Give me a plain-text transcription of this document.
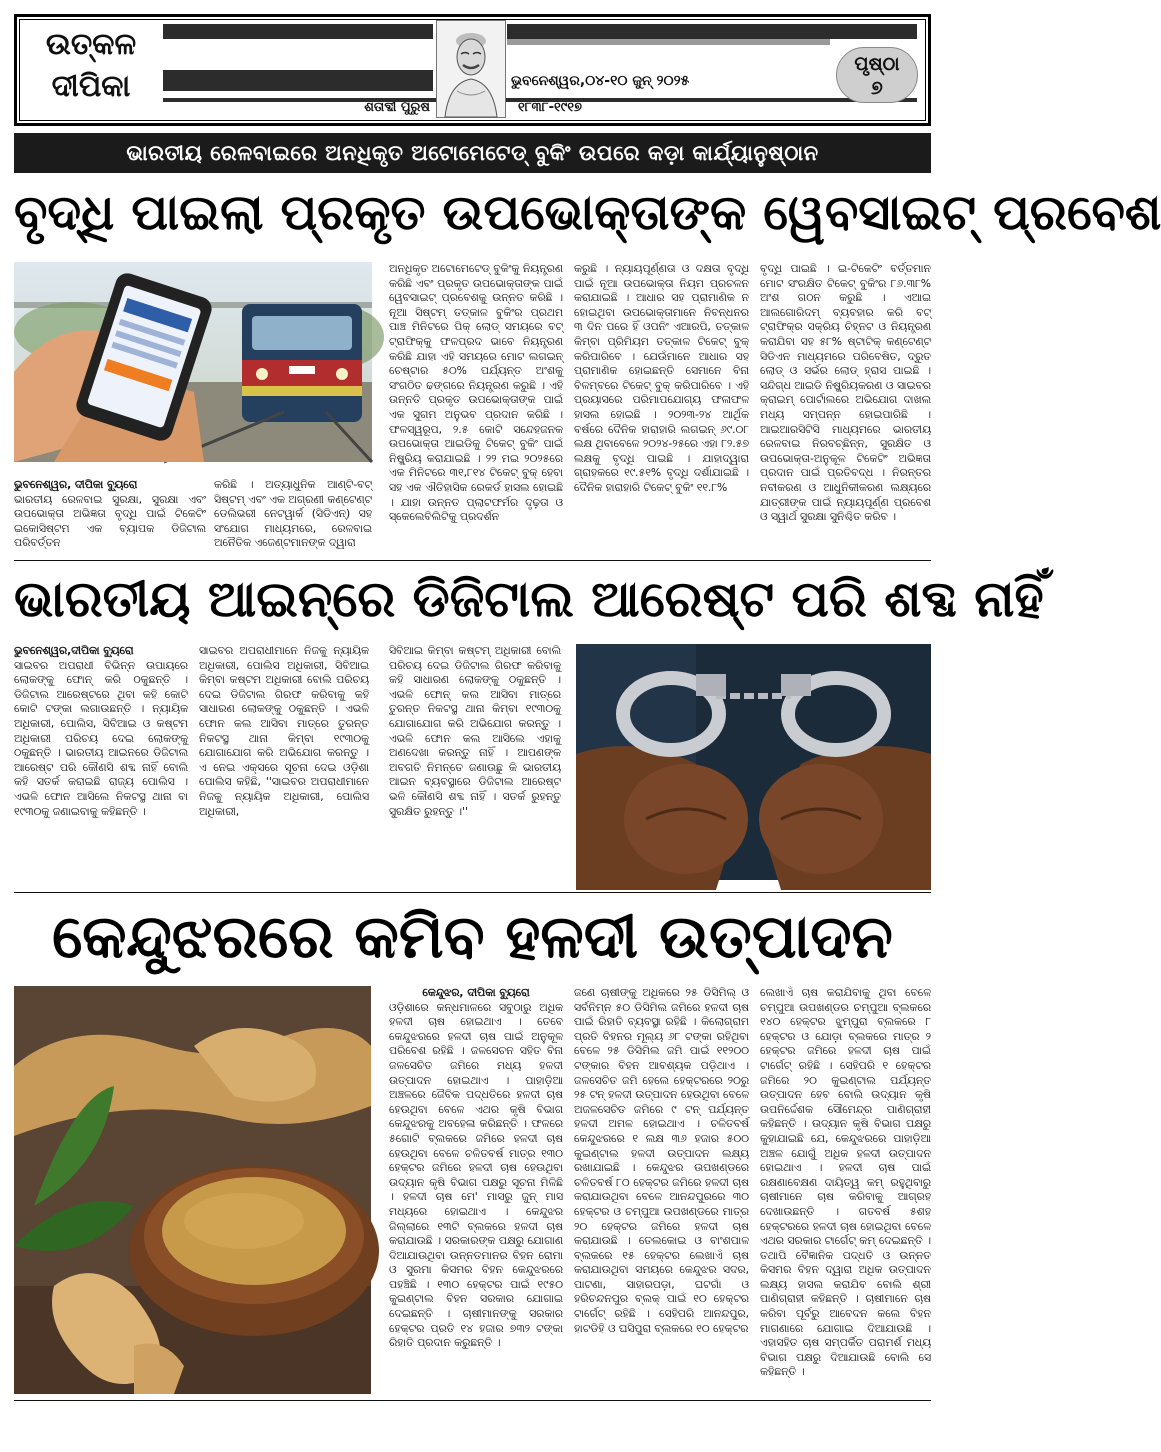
ଉତ୍କଳ
ଦୀପିକା	ଭୁବନେଶ୍ୱର,୦୪-୧୦ ଜୁନ୍ ୨୦୨୫
ଶତାବ୍ଦୀ ପୁରୁଷ	୧୮୩୮-୧୯୧୭
ପୃଷ୍ଠା
୭
ଭାରତୀୟ ରେଳବାଇରେ ଅନଧିକୃତ ଅଟୋମେଟେଡ୍ ବୁକିଂ ଉପରେ କଡ଼ା କାର୍ଯ୍ୟାନୁଷ୍ଠାନ
ବୃଦ୍ଧି ପାଇଲା ପ୍ରକୃତ ଉପଭୋକ୍ତାଙ୍କ ୱେବସାଇଟ୍ ପ୍ରବେଶ

ଭୁବନେଶ୍ୱର, ଦୀପିକା ବ୍ୟୁରୋ

ଭାରତୀୟ ରେଳବାଇ ସୁରକ୍ଷା, ସୁରକ୍ଷା ଏବଂ ଉପଭୋକ୍ତା ଅଭିଜ୍ଞତା ବୃଦ୍ଧି ପାଇଁ ଟିକେଟିଂ ଇକୋସିଷ୍ଟମ ଏକ ବ୍ୟାପକ ଡିଜିଟାଲ ପରିବର୍ତ୍ତନ

କରିଛି । ଅତ୍ୟାଧୁନିକ ଆଣ୍ଟି-ବଟ୍ ସିଷ୍ଟମ୍ ଏବଂ ଏକ ଅଗ୍ରଣୀ କଣ୍ଟେଣ୍ଟ ଡେଲିଭରୀ ନେଟୱାର୍କ (ସିଡିଏନ୍) ସହ ସଂଯୋଗ ମାଧ୍ୟମରେ, ରେଳବାଇ ଅନୈତିକ ଏଜେଣ୍ଟମାନଙ୍କ ଦ୍ୱାରା
ଅନଧିକୃତ ଅଟୋମେଟେଡ୍ ବୁକିଂକୁ ନିୟନ୍ତ୍ରଣ କରିଛି ଏବଂ ପ୍ରକୃତ ଉପଭୋକ୍ତାଙ୍କ ପାଇଁ ୱେବସାଇଟ୍ ପ୍ରବେଶକୁ ଉନ୍ନତ କରିଛି । ନୂଆ ସିଷ୍ଟମ୍ ତତ୍କାଳ ବୁକିଂର ପ୍ରଥମ ପାଞ୍ଚ ମିନିଟରେ ପିକ୍ ଲୋଡ୍ ସମୟରେ ବଟ୍ ଟ୍ରାଫିକ୍କୁ ଫଳପ୍ରଦ ଭାବେ ନିୟନ୍ତ୍ରଣ କରିଛି ଯାହା ଏହି ସମୟରେ ମୋଟ ଲଗଇନ୍ ଚେଷ୍ଟାର ୫୦% ପର୍ଯ୍ୟନ୍ତ ଅଂଶକୁ ସଂଗଠିତ ଢଙ୍ଗରେ ନିୟନ୍ତ୍ରଣ କରୁଛି । ଏହି ଉନ୍ନତି ପ୍ରକୃତ ଉପଭୋକ୍ତାଙ୍କ ପାଇଁ ଏକ ସୁଗମ ଅନୁଭବ ପ୍ରଦାନ କରିଛି । ଫଳସ୍ୱରୂପ, ୨.୫ କୋଟି ସନ୍ଦେହଜନକ ଉପଭୋକ୍ତା ଆଇଡିକୁ ଟିକେଟ୍ ବୁକିଂ ପାଇଁ ନିଷ୍କ୍ରିୟ କରାଯାଇଛି । ୨୨ ମଇ ୨୦୨୫ରେ ଏକ ମିନିଟରେ ୩୧,୮୧୪ ଟିକେଟ୍ ବୁକ୍ ହେବା ସହ ଏକ ଐତିହାସିକ ରେକର୍ଡ ହାସଲ ହୋଇଛି । ଯାହା ଉନ୍ନତ ପ୍ଲାଟଫର୍ମର ଦୃଢ଼ତା ଓ ସ୍କେଲେବିଲିଟିକୁ ପ୍ରଦର୍ଶନ
କରୁଛି । ନ୍ୟାୟପୂର୍ଣ୍ଣତା ଓ ଦକ୍ଷତା ବୃଦ୍ଧି ପାଇଁ ନୂଆ ଉପଭୋକ୍ତା ନିୟମ ପ୍ରଚଳନ କରାଯାଇଛି । ଆଧାର ସହ ପ୍ରାମାଣିକ ନ ହୋଇଥିବା ଉପଭୋକ୍ତାମାନେ ନିବନ୍ଧନର ୩ ଦିନ ପରେ ହିଁ ଓପନିଂ ଏଆରପି, ତତ୍କାଳ କିମ୍ବା ପ୍ରିମିୟମ ତତ୍କାଳ ଟିକେଟ୍ ବୁକ୍ କରିପାରିବେ । ଯେଉଁମାନେ ଆଧାର ସହ ପ୍ରାମାଣିକ ହୋଇଛନ୍ତି ସେମାନେ ବିନା ବିଳମ୍ବରେ ଟିକେଟ୍ ବୁକ୍ କରିପାରିବେ । ଏହି ପ୍ରୟାସରେ ପରିମାପଯୋଗ୍ୟ ଫଳାଫଳ ହାସଲ ହୋଇଛି । ୨୦୨୩-୨୪ ଆର୍ଥିକ ବର୍ଷରେ ଦୈନିକ ହାରାହାରି ଲଗଇନ୍ ୬୯.୦୮ ଲକ୍ଷ ଥିବାବେଳେ ୨୦୨୪-୨୫ରେ ଏହା ୮୨.୫୭ ଲକ୍ଷକୁ ବୃଦ୍ଧି ପାଇଛି । ଯାହାଦ୍ୱାରା ଗ୍ରାହକରେ ୧୯.୫୧% ବୃଦ୍ଧି ଦର୍ଶାଯାଇଛି । ଦୈନିକ ହାରାହାରି ଟିକେଟ୍ ବୁକିଂ ୧୧.୮%
ବୃଦ୍ଧି ପାଇଛି । ଇ-ଟିକେଟିଂ ବର୍ତ୍ତମାନ ମୋଟ ସଂରକ୍ଷିତ ଟିକେଟ୍ ବୁକିଂର ୮୬.୩୮% ଅଂଶ ଗଠନ କରୁଛି । ଏଆଇ ଆଲଗୋରିଦମ୍ ବ୍ୟବହାର କରି ବଟ୍ ଟ୍ରାଫିକ୍ର ସକ୍ରିୟ ଚିହ୍ନଟ ଓ ନିୟନ୍ତ୍ରଣ କରାଯିବା ସହ ୫୮% ଷ୍ଟାଟିକ୍ କଣ୍ଟେଣ୍ଟ ସିଡିଏନ ମାଧ୍ୟମରେ ପରିବେଷିତ, ଦ୍ରୁତ ଲୋଡ୍ ଓ ସର୍ଭର ଲୋଡ୍ ହ୍ରାସ ପାଇଛି । ସନ୍ଦିଗ୍ଧ ଆଇଡି ନିଷ୍କ୍ରିୟକରଣ ଓ ସାଇବର କ୍ରାଇମ୍ ପୋର୍ଟାଲରେ ଅଭିଯୋଗ ଦାଖଲ ମଧ୍ୟ ସମ୍ପନ୍ନ ହୋଇପାରିଛି । ଆଇଆରସିଟିସି ମାଧ୍ୟମରେ ଭାରତୀୟ ରେଳବାଇ ନିରବଚ୍ଛିନ୍ନ, ସୁରକ୍ଷିତ ଓ ଉପଭୋକ୍ତା-ଅନୁକୂଳ ଟିକେଟିଂ ଅଭିଜ୍ଞତା ପ୍ରଦାନ ପାଇଁ ପ୍ରତିବଦ୍ଧ । ନିରନ୍ତର ନବୀକରଣ ଓ ଆଧୁନିକୀକରଣ ଲକ୍ଷ୍ୟରେ ଯାତ୍ରୀଙ୍କ ପାଇଁ ନ୍ୟାୟପୂର୍ଣ୍ଣ ପ୍ରବେଶ ଓ ସ୍ୱାର୍ଥ ସୁରକ୍ଷା ସୁନିଶ୍ଚିତ କରିବ ।
ଭାରତୀୟ ଆଇନ୍ରେ ଡିଜିଟାଲ ଆରେଷ୍ଟ ପରି ଶବ୍ଦ ନାହିଁ

ଭୁବନେଶ୍ୱର,ଦୀପିକା ବ୍ୟୁରୋ

ସାଇବର ଅପରାଧୀ ବିଭିନ୍ନ ଉପାୟରେ ଲୋକଙ୍କୁ ଫୋନ୍ କରି ଠକୁଛନ୍ତି । ଡିଜିଟାଲ ଆରେଷ୍ଟରେ ଥିବା କହି କୋଟି କୋଟି ଟଙ୍କା ଲଗାଉଛନ୍ତି । ନ୍ୟାୟିକ ଅଧିକାରୀ, ପୋଲିସ, ସିବିଆଇ ଓ କଷ୍ଟମ ଅଧିକାରୀ ପରିଚୟ ଦେଇ ଲୋକଙ୍କୁ ଠକୁଛନ୍ତି । ଭାରତୀୟ ଆଇନରେ ଡିଜିଟାଲ ଆରେଷ୍ଟ ପରି କୌଣସି ଶବ୍ଦ ନାହିଁ ବୋଲି କହି ସତର୍କ କରାଇଛି ରାଜ୍ୟ ପୋଲିସ । ଏଭଳି ଫୋନ ଆସିଲେ ନିକଟସ୍ଥ ଥାନା ବା ୧୯୩୦କୁ ଜଣାଇବାକୁ କହିଛନ୍ତି ।

ସାଇବର ଅପରାଧୀମାନେ ନିଜକୁ ନ୍ୟାୟିକ ଅଧିକାରୀ, ପୋଲିସ ଅଧିକାରୀ, ସିବିଆଇ କିମ୍ବା କଷ୍ଟମ ଅଧିକାରୀ ବୋଲି ପରିଚୟ ଦେଇ ଡିଜିଟାଲ ଗିରଫ କରିବାକୁ କହି ସାଧାରଣ ଲୋକଙ୍କୁ ଠକୁଛନ୍ତି । ଏଭଳି ଫୋନ କଲ ଆସିବା ମାତ୍ରେ ତୁରନ୍ତ ନିକଟସ୍ଥ ଥାନା କିମ୍ବା ୧୯୩୦କୁ ଯୋଗାଯୋଗ କରି ଅଭିଯୋଗ କରନ୍ତୁ । ଏ ନେଇ ଏକ୍ସରେ ସୂଚନା ଦେଇ ଓଡ଼ିଶା ପୋଲିସ କହିଛି, ''ସାଇବର ଅପରାଧୀମାନେ ନିଜକୁ ନ୍ୟାୟିକ ଅଧିକାରୀ, ପୋଲିସ ଅଧିକାରୀ,
ସିବିଆଇ କିମ୍ବା କଷ୍ଟମ୍ ଅଧିକାରୀ ବୋଲି ପରିଚୟ ଦେଇ ଡିଜିଟାଲ ଗିରଫ କରିବାକୁ କହି ସାଧାରଣ ଲୋକଙ୍କୁ ଠକୁଛନ୍ତି । ଏଭଳି ଫୋନ୍ କଲ ଆସିବା ମାତ୍ରେ ତୁରନ୍ତ ନିକଟସ୍ଥ ଥାନା କିମ୍ବା ୧୯୩୦କୁ ଯୋଗାଯୋଗ କରି ଅଭିଯୋଗ କରନ୍ତୁ । ଏଭଳି ଫୋନ କଲ ଆସିଲେ ଏହାକୁ ଅଣଦେଖା କରନ୍ତୁ ନାହିଁ । ଆପଣଙ୍କ ଅବଗତି ନିମନ୍ତେ ଜଣାଉଛୁ କି ଭାରତୀୟ ଆଇନ ବ୍ୟବସ୍ଥାରେ ଡିଜିଟାଲ ଆରେଷ୍ଟ ଭଳି କୌଣସି ଶବ୍ଦ ନାହିଁ । ସତର୍କ ରୁହନ୍ତୁ ସୁରକ୍ଷିତ ରୁହନ୍ତୁ ।''
କେନ୍ଦୁଝରରେ କମିବ ହଳଦୀ ଉତ୍ପାଦନ

କେନ୍ଦୁଝର, ଦୀପିକା ବ୍ୟୁରୋ

ଓଡ଼ିଶାରେ କନ୍ଧମାଳରେ ସବୁଠାରୁ ଅଧିକ ହଳଦୀ ଚାଷ ହୋଇଥାଏ । ତେବେ କେନ୍ଦୁଝରରେ ହଳଦୀ ଚାଷ ପାଇଁ ଅନୁକୂଳ ପରିବେଶ ରହିଛି । ଜଳସେଚନ ସହିତ ବିନା ଜଳସେଚିତ ଜମିରେ ମଧ୍ୟ ହଳଦୀ ଉତ୍ପାଦନ ହୋଇଥାଏ । ପାହାଡ଼ିଆ ଅଞ୍ଚଳରେ ଜୈବିକ ପଦ୍ଧତିରେ ହଳଦୀ ଚାଷ ହେଉଥିବା ବେଳେ ଏଥର କୃଷି ବିଭାଗ କେନ୍ଦୁଝରକୁ ଅବହେଳା କରିଛନ୍ତି । ଫଳରେ ୫ଗୋଟି ବ୍ଲକରେ ଜମିରେ ହଳଦୀ ଚାଷ ହେଉଥିବା ବେଳେ ଚଳିତବର୍ଷ ମାତ୍ର ୧୩୦ ହେକ୍ଟର ଜମିରେ ହଳଦୀ ଚାଷ ହେଉଥିବା ଉଦ୍ୟାନ କୃଷି ବିଭାଗ ପକ୍ଷରୁ ସୂଚନା ମିଳିଛି । ହଳଦୀ ଚାଷ ମେ' ମାସରୁ ଜୁନ୍ ମାସ ମଧ୍ୟରେ ହୋଇଥାଏ । କେନ୍ଦୁଝର ଜିଲ୍ଲାରେ ୧୩ଟି ବ୍ଲକରେ ହଳଦୀ ଚାଷ କରାଯାଉଛି । ସରକାରଙ୍କ ପକ୍ଷରୁ ଯୋଗାଣ ଦିଆଯାଉଥିବା ଉନ୍ନତମାନର ବିହନ ରୋମା ଓ ସୁରମା କିସମର ବିହନ କେନ୍ଦୁଝରରେ ପହଞ୍ଚିଛି । ୧୩୦ ହେକ୍ଟର ପାଇଁ ୧୯୫୦ କୁଇଣ୍ଟାଲ ବିହନ ସରକାର ଯୋଗାଇ ଦେଇଛନ୍ତି । ଚାଷୀମାନଙ୍କୁ ସରକାର ହେକ୍ଟର ପ୍ରତି ୧୪ ହଜାର ୭୩୨ ଟଙ୍କା ରିହାତି ପ୍ରଦାନ କରୁଛନ୍ତି ।

ଜଣେ ଚାଷୀଙ୍କୁ ଅଧିକରେ ୨୫ ଡିସିମିଲ୍ ଓ ସର୍ବନିମ୍ନ ୫୦ ଡିସିମିଲ ଜମିରେ ହଳଦୀ ଚାଷ ପାଇଁ ରିହାତି ବ୍ୟବସ୍ଥା ରହିଛି । କିଲୋଗ୍ରାମ ପ୍ରତି ବିହନର ମୂଲ୍ୟ ୬୮ ଟଙ୍କା ରହିଥିବା ବେଳେ ୨୫ ଡିସିମିଲ ଜମି ପାଇଁ ୧୧୨୦୦ ଟଙ୍କାର ବିହନ ଆବଶ୍ୟକ ପଡ଼ିଥାଏ । ଜଳସେଚିତ ଜମି ହେଲେ ହେକ୍ଟରରେ ୨୦ରୁ ୨୫ ଟନ୍ ହଳଦୀ ଉତ୍ପାଦନ ହେଉଥିବା ବେଳେ ଅଜଳସେଚିତ ଜମିରେ ୯ ଟନ୍ ପର୍ଯ୍ୟନ୍ତ ହଳଦୀ ଅମଳ ହୋଇଥାଏ । ଚଳିତବର୍ଷ କେନ୍ଦୁଝରରେ ୧ ଲକ୍ଷ ୩୬ ହଜାର ୫୦୦ କୁଇଣ୍ଟାଲ ହଳଦୀ ଉତ୍ପାଦନ ଲକ୍ଷ୍ୟ ରଖାଯାଇଛି । କେନ୍ଦୁଝର ଉପଖଣ୍ଡରେ ଚଳିତବର୍ଷ ୮୦ ହେକ୍ଟର ଜମିରେ ହଳଦୀ ଚାଷ କରାଯାଉଥିବା ବେଳେ ଆନନ୍ଦପୁରରେ ୩୦ ହେକ୍ଟର ଓ ଚମ୍ପୁଆ ଉପଖଣ୍ଡରେ ମାତ୍ର ୨୦ ହେକ୍ଟର ଜମିରେ ହଳଦୀ ଚାଷ କରାଯାଉଛି । ତେଲକୋଇ ଓ ବାଂଶପାଳ ବ୍ଲକରେ ୧୫ ହେକ୍ଟର ଲେଖାଏଁ ଚାଷ କରାଯାଉଥିବା ସମୟରେ କେନ୍ଦୁଝର ସଦର, ପାଟଣା, ସାହାରପଡ଼ା, ଘଟଗାଁ ଓ ହରିଚନ୍ଦନପୁର ବ୍ଲକ୍ ପାଇଁ ୧୦ ହେକ୍ଟର ଟାର୍ଗେଟ୍ ରହିଛି । ସେହିପରି ଆନନ୍ଦପୁର, ହାଟଡିହି ଓ ଘସିପୁରା ବ୍ଲକରେ ୧୦ ହେକ୍ଟର
ଲେଖାଏଁ ଚାଷ କରାଯିବାକୁ ଥିବା ବେଳେ ଚମ୍ପୁଆ ଉପଖଣ୍ଡର ଚମ୍ପୁଆ ବ୍ଲକରେ ୧୪୦ ହେକ୍ଟର ଝୁମ୍ପୁରା ବ୍ଲକରେ ୮ ହେକ୍ଟର ଓ ଯୋଡ଼ା ବ୍ଲକରେ ମାତ୍ର ୨ ହେକ୍ଟର ଜମିରେ ହଳଦୀ ଚାଷ ପାଇଁ ଟାର୍ଗେଟ୍ ରହିଛି । ସେହିପରି ୧ ହେକ୍ଟର ଜମିରେ ୨୦ କୁଇଣ୍ଟାଲ ପର୍ଯ୍ୟନ୍ତ ଉତ୍ପାଦନ ହେବ ବୋଲି ଉଦ୍ୟାନ କୃଷି ଉପନିର୍ଦ୍ଦେଶକ ସୌମେନ୍ଦ୍ର ପାଣିଗ୍ରାହୀ କହିଛନ୍ତି । ଉଦ୍ୟାନ କୃଷି ବିଭାଗ ପକ୍ଷରୁ କୁହାଯାଇଛି ଯେ, କେନ୍ଦୁଝରରେ ପାହାଡ଼ିଆ ଅଞ୍ଚଳ ଯୋଗୁଁ ଅଧିକ ହଳଦୀ ଉତ୍ପାଦନ ହୋଇଥାଏ । ହଳଦୀ ଚାଷ ପାଇଁ ରକ୍ଷଣାବେକ୍ଷଣ ଦାୟିତ୍ୱ କମ୍ ରହୁଥିବାରୁ ଚାଷୀମାନେ ଚାଷ କରିବାକୁ ଆଗ୍ରହ ଦେଖାଉଛନ୍ତି । ଗତବର୍ଷ ୫ଶହ ହେକ୍ଟରରେ ହଳଦୀ ଚାଷ ହୋଇଥିବା ବେଳେ ଏଥର ସରକାର ଟାର୍ଗେଟ୍ କମ୍ ଦେଇଛନ୍ତି । ତଥାପି ବୈଜ୍ଞାନିକ ପଦ୍ଧତି ଓ ଉନ୍ନତ କିସମର ବିହନ ଦ୍ୱାରା ଅଧିକ ଉତ୍ପାଦନ ଲକ୍ଷ୍ୟ ହାସଲ କରାଯିବ ବୋଲି ଶ୍ରୀ ପାଣିଗ୍ରାହୀ କହିଛନ୍ତି । ଚାଷୀମାନେ ଚାଷ କରିବା ପୂର୍ବରୁ ଆବେଦନ କଲେ ବିହନ ମାଗଣାରେ ଯୋଗାଇ ଦିଆଯାଉଛି । ଏହାସହିତ ଚାଷ ସମ୍ପର୍କିତ ପରାମର୍ଶ ମଧ୍ୟ ବିଭାଗ ପକ୍ଷରୁ ଦିଆଯାଉଛି ବୋଲି ସେ କହିଛନ୍ତି ।
